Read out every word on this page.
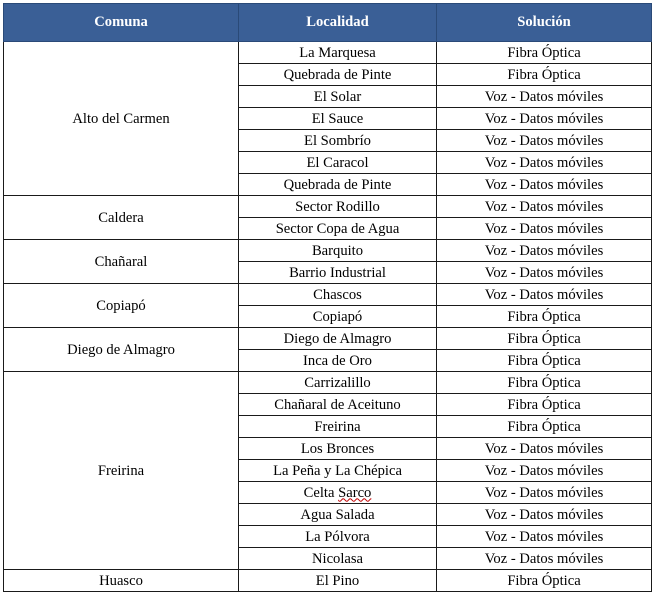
Comuna	Localidad	Solución
Alto del Carmen	La Marquesa	Fibra Óptica
	Quebrada de Pinte	Fibra Óptica
	El Solar	Voz - Datos móviles
	El Sauce	Voz - Datos móviles
	El Sombrío	Voz - Datos móviles
	El Caracol	Voz - Datos móviles
	Quebrada de Pinte	Voz - Datos móviles
Caldera	Sector Rodillo	Voz - Datos móviles
	Sector Copa de Agua	Voz - Datos móviles
Chañaral	Barquito	Voz - Datos móviles
	Barrio Industrial	Voz - Datos móviles
Copiapó	Chascos	Voz - Datos móviles
	Copiapó	Fibra Óptica
Diego de Almagro	Diego de Almagro	Fibra Óptica
	Inca de Oro	Fibra Óptica
Freirina	Carrizalillo	Fibra Óptica
	Chañaral de Aceituno	Fibra Óptica
	Freirina	Fibra Óptica
	Los Bronces	Voz - Datos móviles
	La Peña y La Chépica	Voz - Datos móviles
	Celta Sarco	Voz - Datos móviles
	Agua Salada	Voz - Datos móviles
	La Pólvora	Voz - Datos móviles
	Nicolasa	Voz - Datos móviles
Huasco	El Pino	Fibra Óptica
